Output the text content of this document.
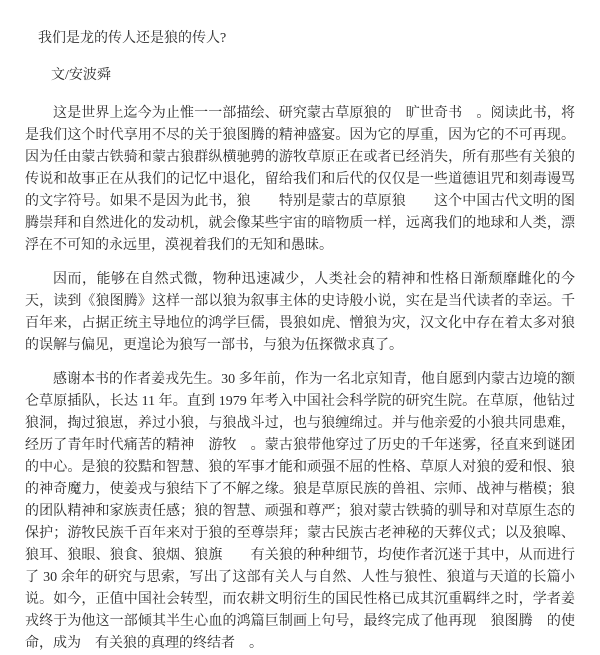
我们是龙的传人还是狼的传人?
文/安波舜

这是世界上迄今为止惟一一部描绘、研究蒙古草原狼的　旷世奇书　。阅读此书，将是我们这个时代享用不尽的关于狼图腾的精神盛宴。因为它的厚重，因为它的不可再现。因为任由蒙古铁骑和蒙古狼群纵横驰骋的游牧草原正在或者已经消失，所有那些有关狼的传说和故事正在从我们的记忆中退化，留给我们和后代的仅仅是一些道德诅咒和刻毒谩骂的文字符号。如果不是因为此书，狼　　特别是蒙古的草原狼　　这个中国古代文明的图腾崇拜和自然进化的发动机，就会像某些宇宙的暗物质一样，远离我们的地球和人类，漂浮在不可知的永远里，漠视着我们的无知和愚昧。

因而，能够在自然式微，物种迅速减少，人类社会的精神和性格日渐颓靡雌化的今天，读到《狼图腾》这样一部以狼为叙事主体的史诗般小说，实在是当代读者的幸运。千百年来，占据正统主导地位的鸿学巨儒，畏狼如虎、憎狼为灾，汉文化中存在着太多对狼的误解与偏见，更遑论为狼写一部书，与狼为伍探微求真了。

感谢本书的作者姜戎先生。30 多年前，作为一名北京知青，他自愿到内蒙古边境的额仑草原插队，长达 11 年。直到 1979 年考入中国社会科学院的研究生院。在草原，他钻过狼洞，掏过狼崽，养过小狼，与狼战斗过，也与狼缠绵过。并与他亲爱的小狼共同患难，经历了青年时代痛苦的精神　游牧　。蒙古狼带他穿过了历史的千年迷雾，径直来到谜团的中心。是狼的狡黠和智慧、狼的军事才能和顽强不屈的性格、草原人对狼的爱和恨、狼的神奇魔力，使姜戎与狼结下了不解之缘。狼是草原民族的兽祖、宗师、战神与楷模；狼的团队精神和家族责任感；狼的智慧、顽强和尊严；狼对蒙古铁骑的驯导和对草原生态的保护；游牧民族千百年来对于狼的至尊崇拜；蒙古民族古老神秘的天葬仪式；以及狼嗥、狼耳、狼眼、狼食、狼烟、狼旗　　有关狼的种种细节，均使作者沉迷于其中，从而进行了 30 余年的研究与思索，写出了这部有关人与自然、人性与狼性、狼道与天道的长篇小说。如今，正值中国社会转型，而农耕文明衍生的国民性格已成其沉重羁绊之时，学者姜戎终于为他这一部倾其半生心血的鸿篇巨制画上句号，最终完成了他再现　狼图腾　的使命，成为　有关狼的真理的终结者　。
